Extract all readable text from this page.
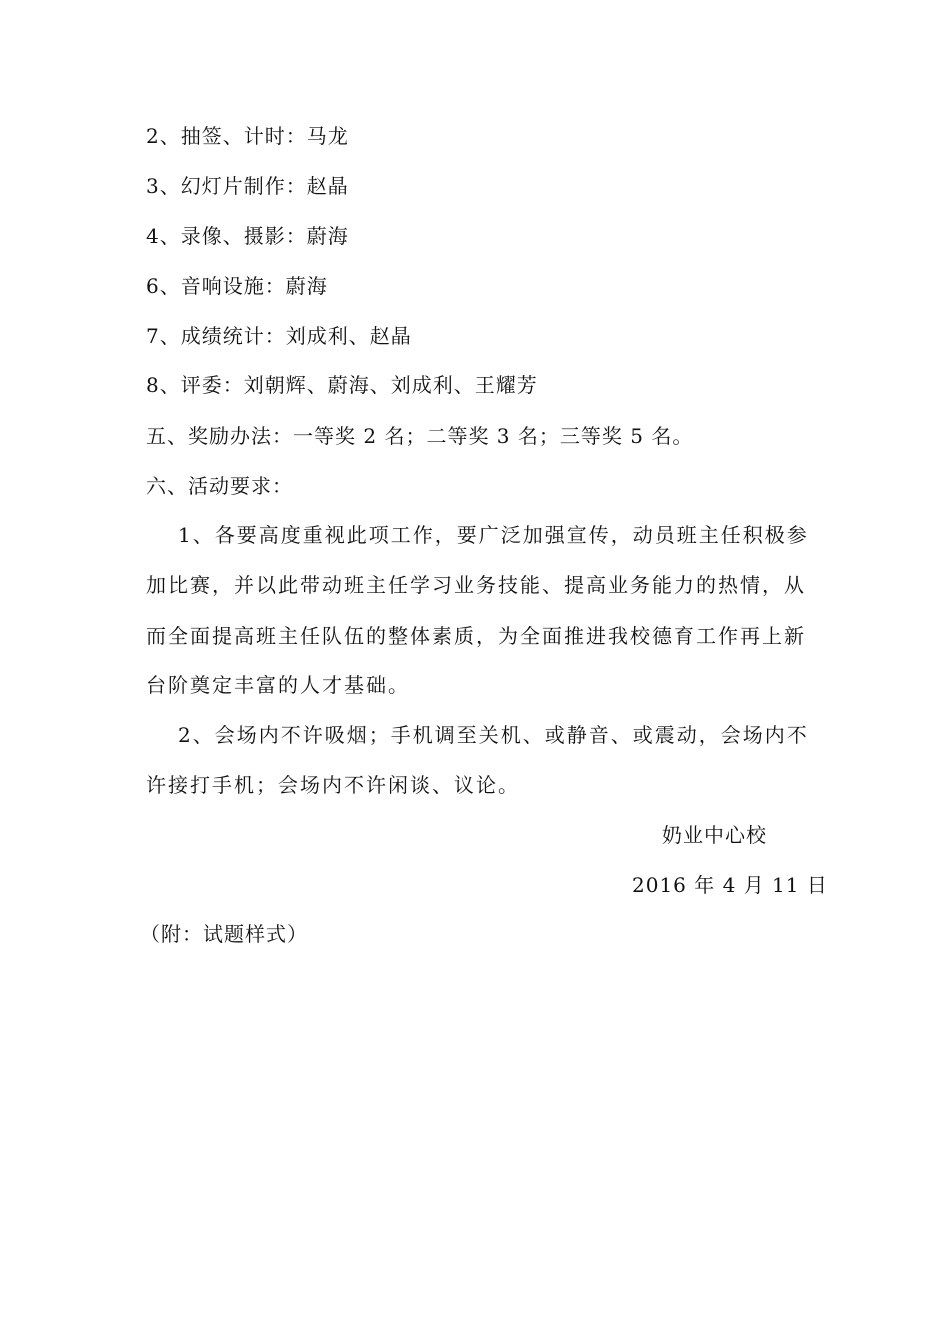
2、抽签、计时：马龙
3、幻灯片制作：赵晶
4、录像、摄影：蔚海
6、音响设施：蔚海
7、成绩统计：刘成利、赵晶
8、评委：刘朝辉、蔚海、刘成利、王耀芳
五、奖励办法：一等奖 2 名；二等奖 3 名；三等奖 5 名。
六、活动要求：
1、各要高度重视此项工作，要广泛加强宣传，动员班主任积极参
加比赛，并以此带动班主任学习业务技能、提高业务能力的热情，从
而全面提高班主任队伍的整体素质，为全面推进我校德育工作再上新
台阶奠定丰富的人才基础。
2、会场内不许吸烟；手机调至关机、或静音、或震动，会场内不
许接打手机；会场内不许闲谈、议论。
奶业中心校
2016 年 4 月 11 日
（附：试题样式）
